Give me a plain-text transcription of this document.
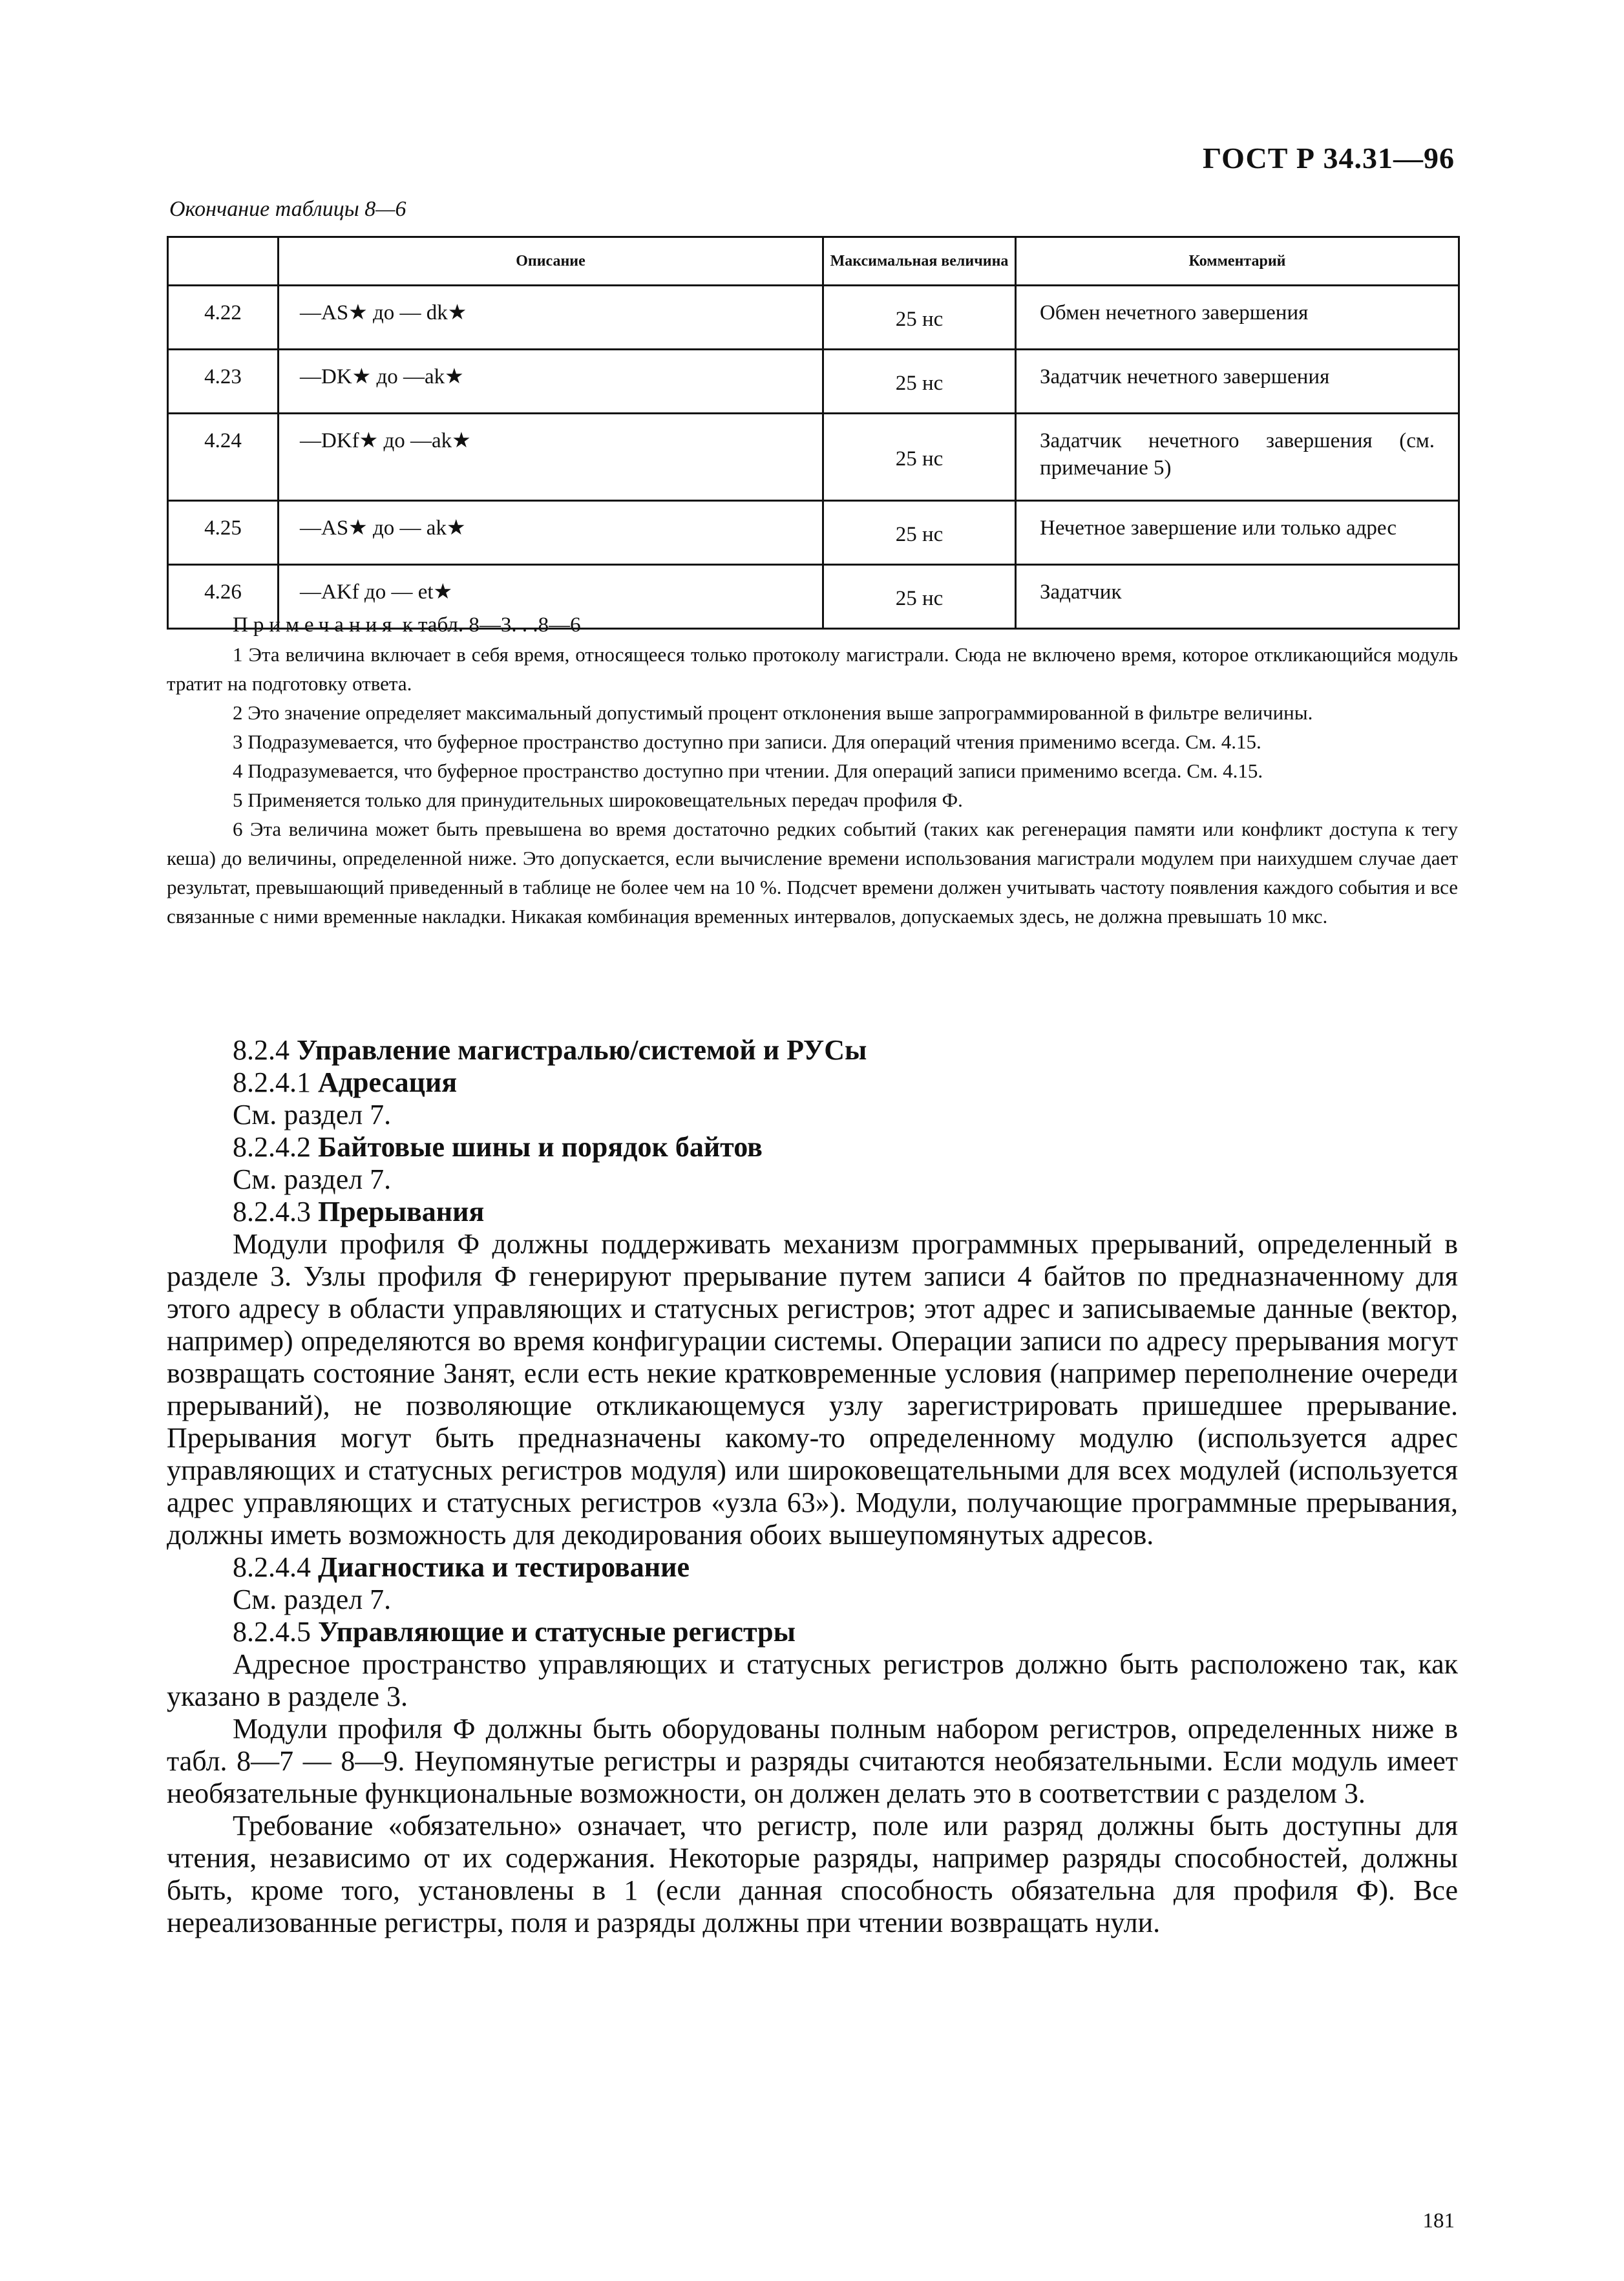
ГОСТ Р 34.31—96
Окончание таблицы 8—6
	Описание	Максимальная величина	Комментарий
4.22	—AS★ до — dk★	25 нс	Обмен нечетного завершения
4.23	—DK★ до —ak★	25 нс	Задатчик нечетного завершения
4.24	—DKf★ до —ak★	25 нс	Задатчик нечетного завершения (см. примечание 5)
4.25	—AS★ до — ak★	25 нс	Нечетное завершение или только адрес
4.26	—AKf до — et★	25 нс	Задатчик

Примечания к табл. 8—3. . .8—6

1 Эта величина включает в себя время, относящееся только протоколу магистрали. Сюда не включено время, которое откликающийся модуль тратит на подготовку ответа.

2 Это значение определяет максимальный допустимый процент отклонения выше запрограммированной в фильтре величины.

3 Подразумевается, что буферное пространство доступно при записи. Для операций чтения применимо всегда. См. 4.15.

4 Подразумевается, что буферное пространство доступно при чтении. Для операций записи применимо всегда. См. 4.15.

5 Применяется только для принудительных широковещательных передач профиля Ф.

6 Эта величина может быть превышена во время достаточно редких событий (таких как регенерация памяти или конфликт доступа к тегу кеша) до величины, определенной ниже. Это допускается, если вычисление времени использования магистрали модулем при наихудшем случае дает результат, превышающий приведенный в таблице не более чем на 10 %. Подсчет времени должен учитывать частоту появления каждого события и все связанные с ними временные накладки. Никакая комбинация временных интервалов, допускаемых здесь, не должна превышать 10 мкс.

8.2.4 Управление магистралью/системой и РУСы

8.2.4.1 Адресация

См. раздел 7.

8.2.4.2 Байтовые шины и порядок байтов

См. раздел 7.

8.2.4.3 Прерывания

Модули профиля Ф должны поддерживать механизм программных прерываний, определенный в разделе 3. Узлы профиля Ф генерируют прерывание путем записи 4 байтов по предназначенному для этого адресу в области управляющих и статусных регистров; этот адрес и записываемые данные (вектор, например) определяются во время конфигурации системы. Операции записи по адресу прерывания могут возвращать состояние Занят, если есть некие кратковременные условия (например переполнение очереди прерываний), не позволяющие откликающемуся узлу зарегистрировать пришедшее прерывание. Прерывания могут быть предназначены какому-то определенному модулю (используется адрес управляющих и статусных регистров модуля) или широковещательными для всех модулей (используется адрес управляющих и статусных регистров «узла 63»). Модули, получающие программные прерывания, должны иметь возможность для декодирования обоих вышеупомянутых адресов.

8.2.4.4 Диагностика и тестирование

См. раздел 7.

8.2.4.5 Управляющие и статусные регистры

Адресное пространство управляющих и статусных регистров должно быть расположено так, как указано в разделе 3.

Модули профиля Ф должны быть оборудованы полным набором регистров, определенных ниже в табл. 8—7 — 8—9. Неупомянутые регистры и разряды считаются необязательными. Если модуль имеет необязательные функциональные возможности, он должен делать это в соответствии с разделом 3.

Требование «обязательно» означает, что регистр, поле или разряд должны быть доступны для чтения, независимо от их содержания. Некоторые разряды, например разряды способностей, должны быть, кроме того, установлены в 1 (если данная способность обязательна для профиля Ф). Все нереализованные регистры, поля и разряды должны при чтении возвращать нули.

181
